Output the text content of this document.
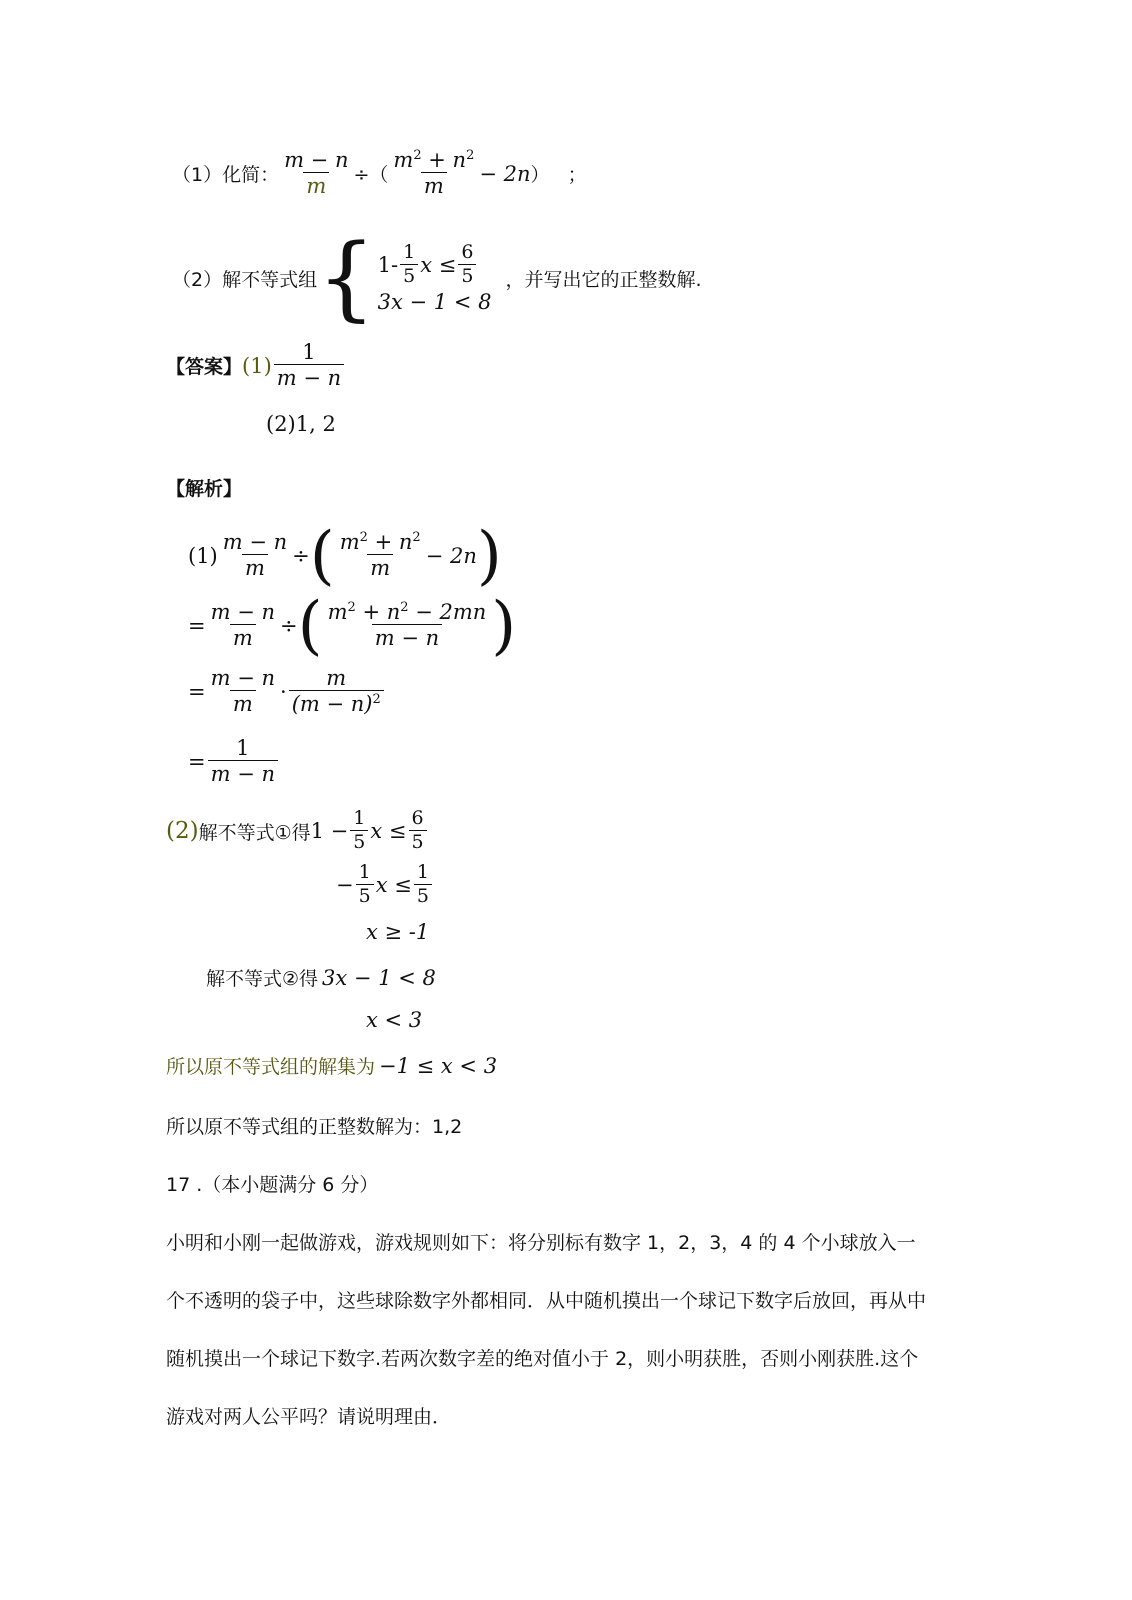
（1）化简： $\frac{m - n}{m}$ ÷（ $\frac{m^2 + n^2}{m} - 2n$ ） ；
（2）解不等式组 { $1- \frac{1}{5}$ $x \le \frac{6}{5}$
3x − 1 < 8
，并写出它的正整数解.
【答案】 $(1) \frac{1}{m - n}$
(2)1, 2
【解析】
$(1) \frac{m - n}{m}$ ÷ ( $\frac{m^2 + n^2}{m} - 2n$ )
= $\frac{m - n}{m}$ ÷ ( $\frac{m^2 + n^2 - 2mn}{m - n}$ )
= $\frac{m - n}{m} \cdot \frac{m}{(m - n)^2}$
= $\frac{1}{m - n}$
(2) 解不等式①得 $1 - \frac{1}{5}$ $x \le \frac{6}{5}$
− $\frac{1}{5}$ $x \le \frac{1}{5}$
x ≥ -1
解不等式②得 3x − 1 < 8
x < 3
所以原不等式组的解集为 −1 ≤ x < 3
所以原不等式组的正整数解为：1,2
17 .（本小题满分 6 分）
小明和小刚一起做游戏，游戏规则如下：将分别标有数字 1，2，3，4 的 4 个小球放入一
个不透明的袋子中，这些球除数字外都相同．从中随机摸出一个球记下数字后放回，再从中
随机摸出一个球记下数字.若两次数字差的绝对值小于 2，则小明获胜，否则小刚获胜.这个
游戏对两人公平吗？请说明理由．
